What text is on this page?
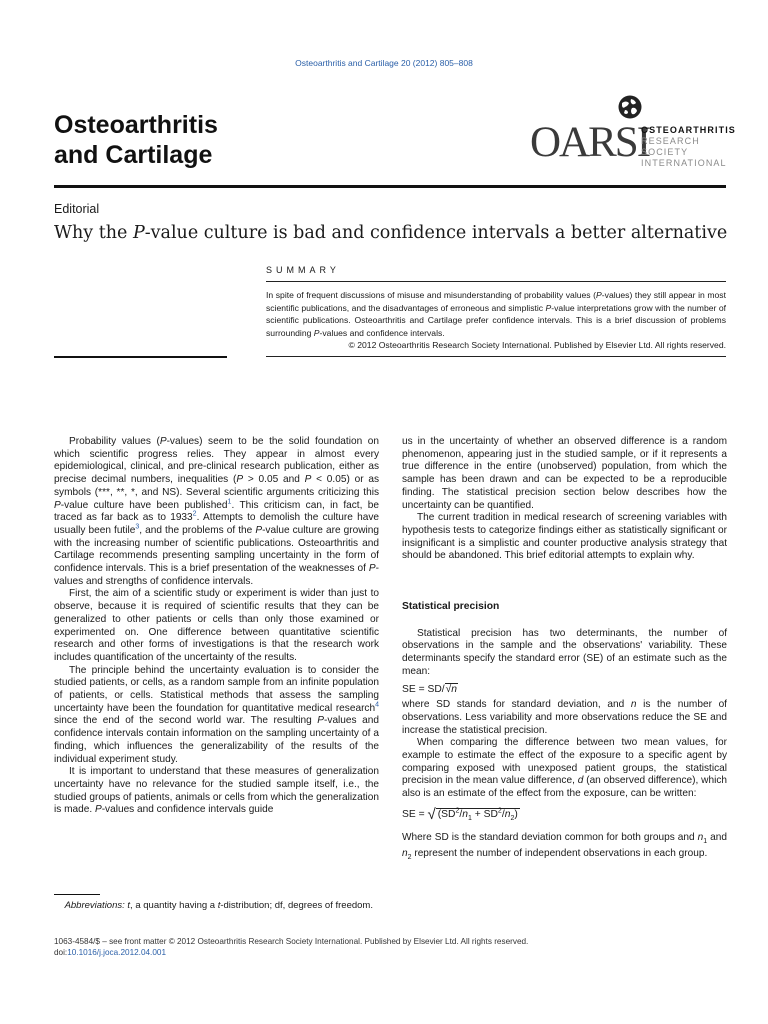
Osteoarthritis and Cartilage 20 (2012) 805–808
Osteoarthritis
and Cartilage	OARSI
OSTEOARTHRITIS
RESEARCH SOCIETY
INTERNATIONAL
Editorial
Why the P-value culture is bad and confidence intervals a better alternative
SUMMARY
In spite of frequent discussions of misuse and misunderstanding of probability values (P-values) they still appear in most scientific publications, and the disadvantages of erroneous and simplistic P-value interpretations grow with the number of scientific publications. Osteoarthritis and Cartilage prefer confidence intervals. This is a brief discussion of problems surrounding P-values and confidence intervals.
© 2012 Osteoarthritis Research Society International. Published by Elsevier Ltd. All rights reserved.

Probability values (P-values) seem to be the solid foundation on which scientific progress relies. They appear in almost every epidemiological, clinical, and pre-clinical research publication, either as precise decimal numbers, inequalities (P > 0.05 and P < 0.05) or as symbols (***, **, *, and NS). Several scientific arguments criticizing this P-value culture have been published$^1$. This criticism can, in fact, be traced as far back as to 1933$^2$. Attempts to demolish the culture have usually been futile$^3$, and the problems of the P-value culture are growing with the increasing number of scientific publications. Osteoarthritis and Cartilage recommends presenting sampling uncertainty in the form of confidence intervals. This is a brief presentation of the weaknesses of P-values and strengths of confidence intervals.

First, the aim of a scientific study or experiment is wider than just to observe, because it is required of scientific results that they can be generalized to other patients or cells than only those examined or experimented on. One difference between quantitative scientific research and other forms of investigations is that the research work includes quantification of the uncertainty of the results.

The principle behind the uncertainty evaluation is to consider the studied patients, or cells, as a random sample from an infinite population of patients, or cells. Statistical methods that assess the sampling uncertainty have been the foundation for quantitative medical research$^4$ since the end of the second world war. The resulting P-values and confidence intervals contain information on the sampling uncertainty of a finding, which influences the generalizability of the results of the individual experiment study.

It is important to understand that these measures of generalization uncertainty have no relevance for the studied sample itself, i.e., the studied groups of patients, animals or cells from which the generalization is made. P-values and confidence intervals guide

us in the uncertainty of whether an observed difference is a random phenomenon, appearing just in the studied sample, or if it represents a true difference in the entire (unobserved) population, from which the sample has been drawn and can be expected to be a reproducible finding. The statistical precision section below describes how the uncertainty can be quantified.

The current tradition in medical research of screening variables with hypothesis tests to categorize findings either as statistically significant or insignificant is a simplistic and counter productive analysis strategy that should be abandoned. This brief editorial attempts to explain why.

Statistical precision

Statistical precision has two determinants, the number of observations in the sample and the observations' variability. These determinants specify the standard error (SE) of an estimate such as the mean:

SE = SD/√n

where SD stands for standard deviation, and n is the number of observations. Less variability and more observations reduce the SE and increase the statistical precision.

When comparing the difference between two mean values, for example to estimate the effect of the exposure to a specific agent by comparing exposed with unexposed patient groups, the statistical precision in the mean value difference, d (an observed difference), which also is an estimate of the effect from the exposure, can be written:

SE = √ $(SD^2/n_1 + SD^2/n_2)$

Where SD is the standard deviation common for both groups and $n_1$ and $n_2$ represent the number of independent observations in each group.

Abbreviations: t, a quantity having a t-distribution; df, degrees of freedom.
1063-4584/$ – see front matter © 2012 Osteoarthritis Research Society International. Published by Elsevier Ltd. All rights reserved.
doi:10.1016/j.joca.2012.04.001
